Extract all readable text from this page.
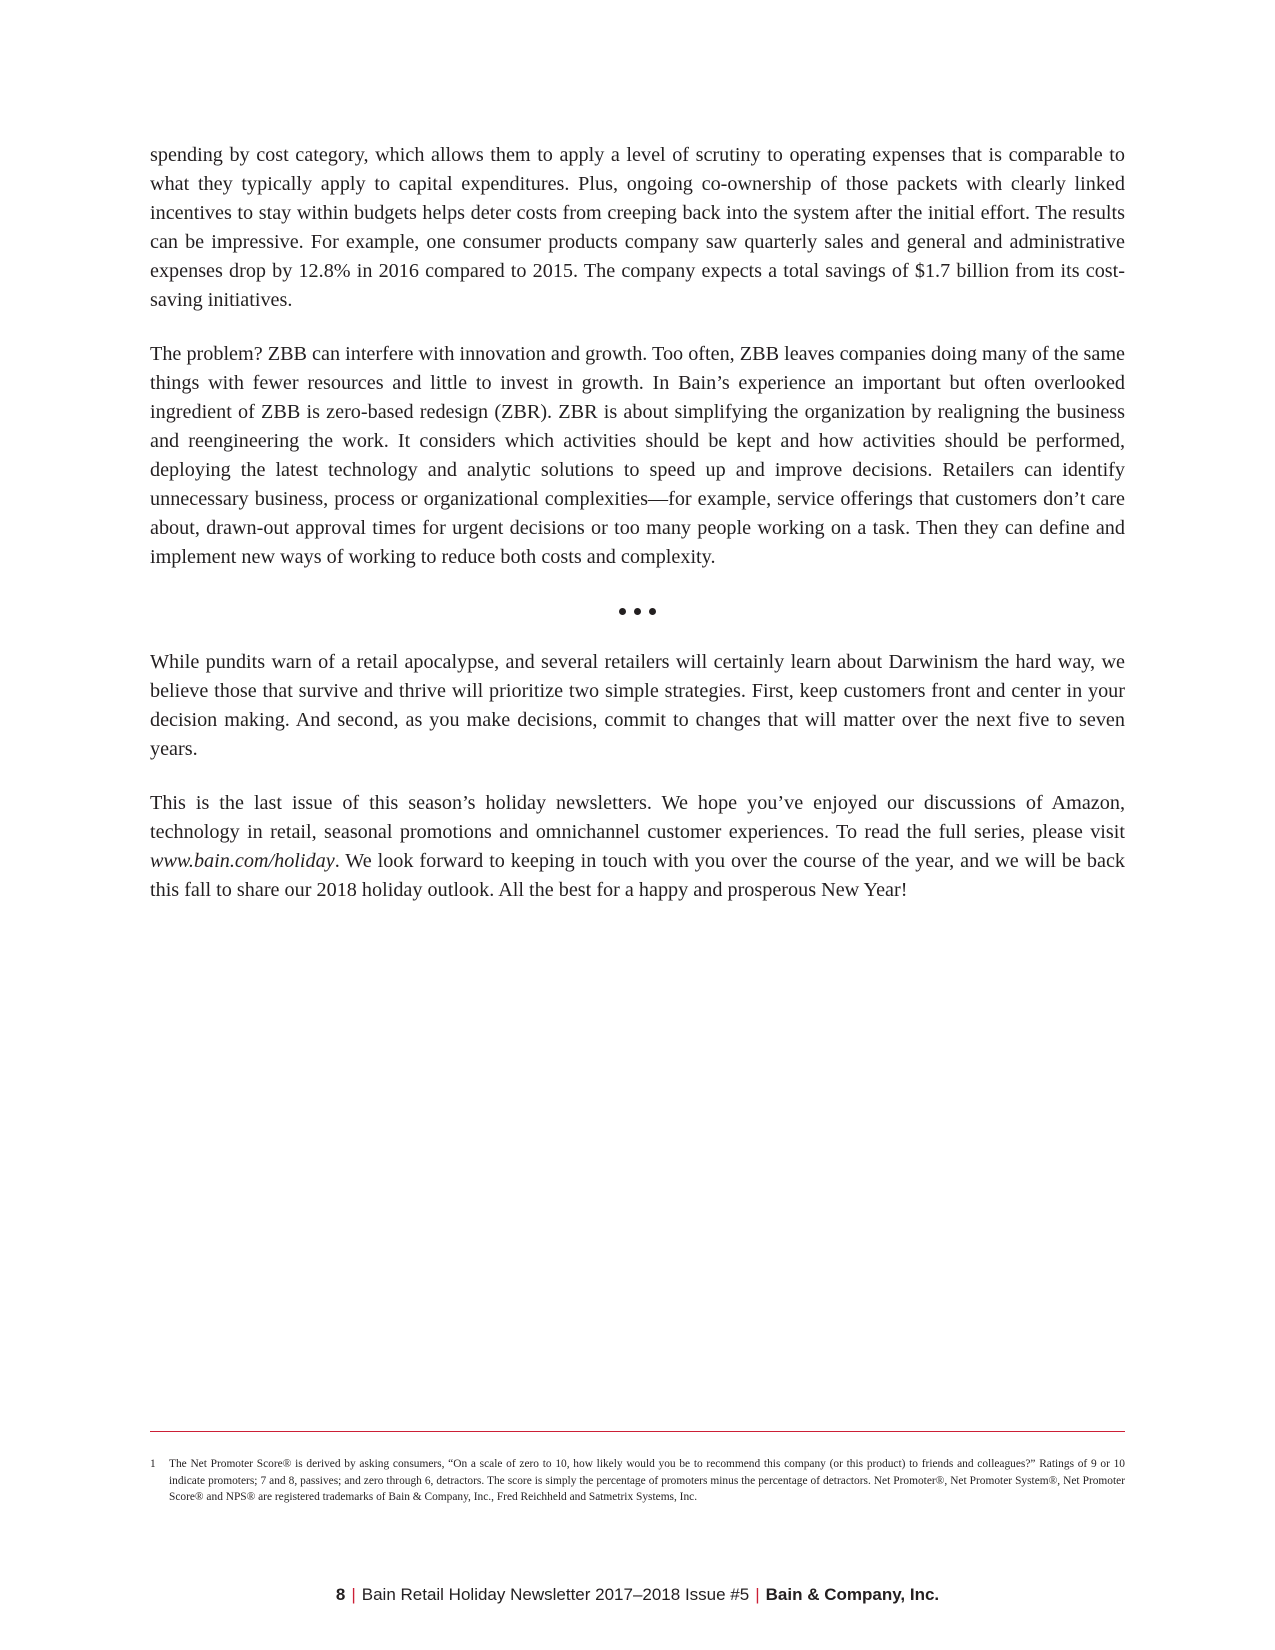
spending by cost category, which allows them to apply a level of scrutiny to operating expenses that is comparable to what they typically apply to capital expenditures. Plus, ongoing co-ownership of those packets with clearly linked incentives to stay within budgets helps deter costs from creeping back into the system after the initial effort. The results can be impressive. For example, one consumer products company saw quarterly sales and general and administrative expenses drop by 12.8% in 2016 compared to 2015. The company expects a total savings of $1.7 billion from its cost-saving initiatives.

The problem? ZBB can interfere with innovation and growth. Too often, ZBB leaves companies doing many of the same things with fewer resources and little to invest in growth. In Bain’s experience an important but often overlooked ingredient of ZBB is zero-based redesign (ZBR). ZBR is about simplifying the organization by realigning the business and reengineering the work. It considers which activities should be kept and how activities should be performed, deploying the latest technology and analytic solutions to speed up and improve decisions. Retailers can identify unnecessary business, process or organizational complexities—for example, service offerings that customers don’t care about, drawn-out approval times for urgent decisions or too many people working on a task. Then they can define and implement new ways of working to reduce both costs and complexity.

While pundits warn of a retail apocalypse, and several retailers will certainly learn about Darwinism the hard way, we believe those that survive and thrive will prioritize two simple strategies. First, keep customers front and center in your decision making. And second, as you make decisions, commit to changes that will matter over the next five to seven years.

This is the last issue of this season’s holiday newsletters. We hope you’ve enjoyed our discussions of Amazon, technology in retail, seasonal promotions and omnichannel customer experiences. To read the full series, please visit www.bain.com/holiday. We look forward to keeping in touch with you over the course of the year, and we will be back this fall to share our 2018 holiday outlook. All the best for a happy and prosperous New Year!

1	The Net Promoter Score® is derived by asking consumers, “On a scale of zero to 10, how likely would you be to recommend this company (or this product) to friends and colleagues?” Ratings of 9 or 10 indicate promoters; 7 and 8, passives; and zero through 6, detractors. The score is simply the percentage of promoters minus the percentage of detractors. Net Promoter®, Net Promoter System®, Net Promoter Score® and NPS® are registered trademarks of Bain & Company, Inc., Fred Reichheld and Satmetrix Systems, Inc.
8 | Bain Retail Holiday Newsletter 2017–2018 Issue #5 | Bain & Company, Inc.
